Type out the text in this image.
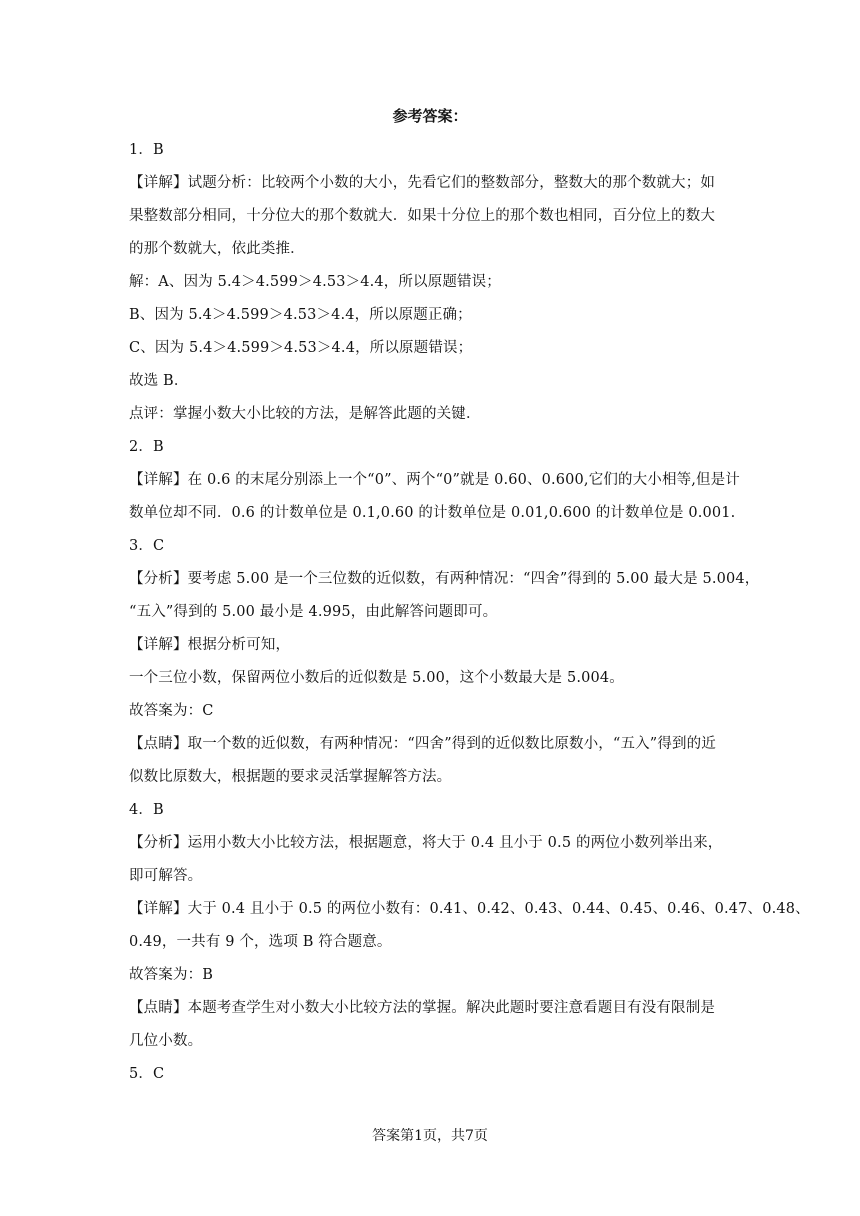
参考答案：
1．B
【详解】试题分析：比较两个小数的大小，先看它们的整数部分，整数大的那个数就大；如
果整数部分相同，十分位大的那个数就大．如果十分位上的那个数也相同，百分位上的数大
的那个数就大，依此类推．
解：A、因为 5.4＞4.599＞4.53＞4.4，所以原题错误；
B、因为 5.4＞4.599＞4.53＞4.4，所以原题正确；
C、因为 5.4＞4.599＞4.53＞4.4，所以原题错误；
故选 B．
点评：掌握小数大小比较的方法，是解答此题的关键．
2．B
【详解】在 0.6 的末尾分别添上一个“0”、两个“0”就是 0.60、0.600,它们的大小相等,但是计
数单位却不同．0.6 的计数单位是 0.1,0.60 的计数单位是 0.01,0.600 的计数单位是 0.001.
3．C
【分析】要考虑 5.00 是一个三位数的近似数，有两种情况：“四舍”得到的 5.00 最大是 5.004，
“五入”得到的 5.00 最小是 4.995，由此解答问题即可。
【详解】根据分析可知，
一个三位小数，保留两位小数后的近似数是 5.00，这个小数最大是 5.004。
故答案为：C
【点睛】取一个数的近似数，有两种情况：“四舍”得到的近似数比原数小，“五入”得到的近
似数比原数大，根据题的要求灵活掌握解答方法。
4．B
【分析】运用小数大小比较方法，根据题意，将大于 0.4 且小于 0.5 的两位小数列举出来，
即可解答。
【详解】大于 0.4 且小于 0.5 的两位小数有：0.41、0.42、0.43、0.44、0.45、0.46、0.47、0.48、
0.49，一共有 9 个，选项 B 符合题意。
故答案为：B
【点睛】本题考查学生对小数大小比较方法的掌握。解决此题时要注意看题目有没有限制是
几位小数。
5．C
答案第1页，共7页
